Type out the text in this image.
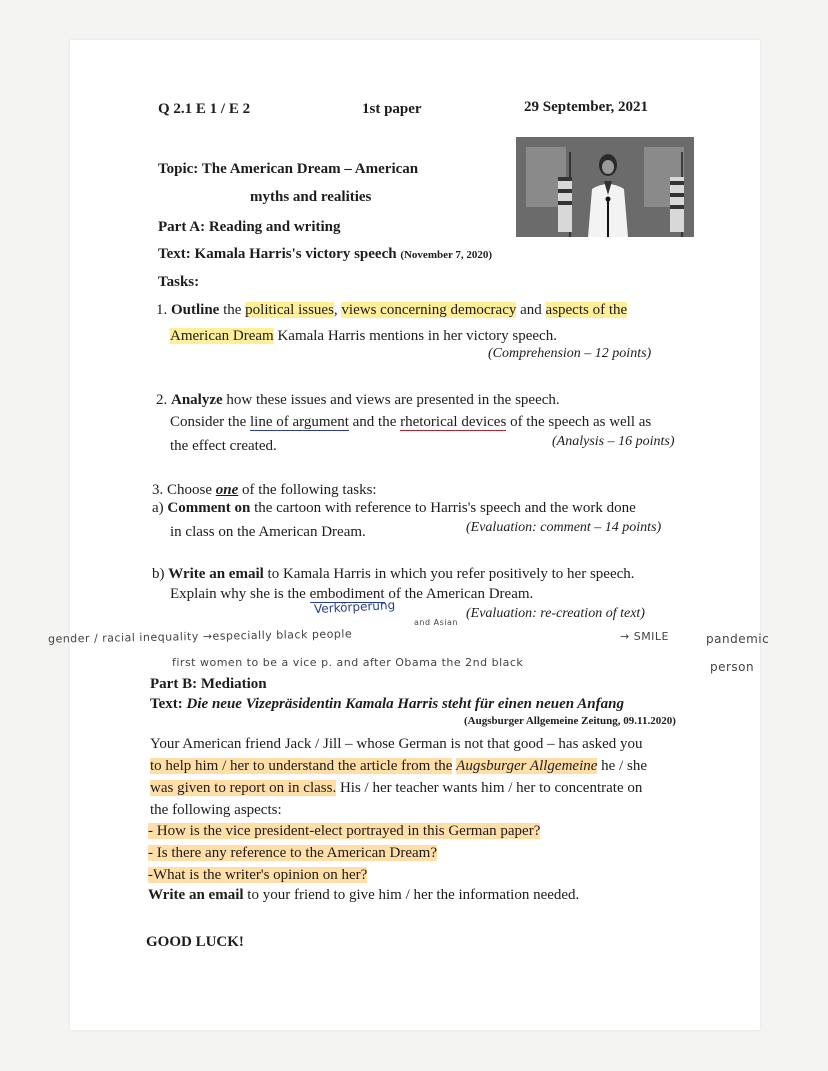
Q 2.1 E 1 / E 2	1st paper	29 September, 2021
Topic: The American Dream – American
myths and realities
Part A: Reading and writing
Text: Kamala Harris's victory speech (November 7, 2020)
Tasks:
1. Outline the political issues, views concerning democracy and aspects of the
American Dream Kamala Harris mentions in her victory speech.
(Comprehension – 12 points)
2. Analyze how these issues and views are presented in the speech.
Consider the line of argument and the rhetorical devices of the speech as well as
the effect created.	(Analysis – 16 points)
3. Choose one of the following tasks:
a) Comment on the cartoon with reference to Harris's speech and the work done
in class on the American Dream.	(Evaluation: comment – 14 points)
b) Write an email to Kamala Harris in which you refer positively to her speech.
Explain why she is the embodiment of the American Dream.
(Evaluation: re-creation of text)
Verkörperung
and Asian
gender / racial inequality →especially black people	→ SMILE	pandemic
first women to be a vice p. and after Obama the 2nd black	person
Part B: Mediation
Text: Die neue Vizepräsidentin Kamala Harris steht für einen neuen Anfang
(Augsburger Allgemeine Zeitung, 09.11.2020)
Your American friend Jack / Jill – whose German is not that good – has asked you
to help him / her to understand the article from the Augsburger Allgemeine he / she
was given to report on in class. His / her teacher wants him / her to concentrate on
the following aspects:
- How is the vice president-elect portrayed in this German paper?
- Is there any reference to the American Dream?
-What is the writer's opinion on her?
Write an email to your friend to give him / her the information needed.
GOOD LUCK!
